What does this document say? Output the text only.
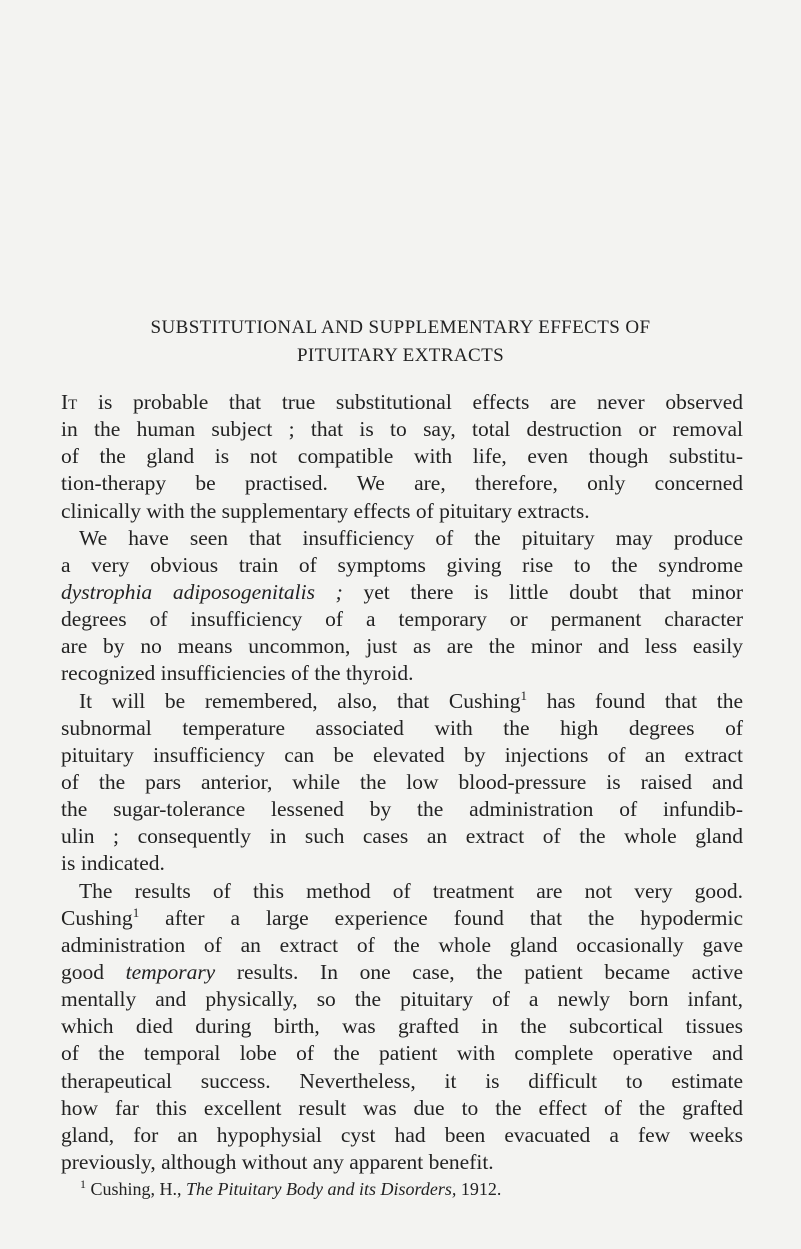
SUBSTITUTIONAL AND SUPPLEMENTARY EFFECTS OF
PITUITARY EXTRACTS
It is probable that true substitutional effects are never observed
in the human subject ; that is to say, total destruction or removal
of the gland is not compatible with life, even though substitu-
tion-therapy be practised. We are, therefore, only concerned
clinically with the supplementary effects of pituitary extracts.
We have seen that insufficiency of the pituitary may produce
a very obvious train of symptoms giving rise to the syndrome
dystrophia adiposogenitalis ; yet there is little doubt that minor
degrees of insufficiency of a temporary or permanent character
are by no means uncommon, just as are the minor and less easily
recognized insufficiencies of the thyroid.
It will be remembered, also, that Cushing$^1$ has found that the
subnormal temperature associated with the high degrees of
pituitary insufficiency can be elevated by injections of an extract
of the pars anterior, while the low blood-pressure is raised and
the sugar-tolerance lessened by the administration of infundib-
ulin ; consequently in such cases an extract of the whole gland
is indicated.
The results of this method of treatment are not very good.
Cushing$^1$ after a large experience found that the hypodermic
administration of an extract of the whole gland occasionally gave
good temporary results. In one case, the patient became active
mentally and physically, so the pituitary of a newly born infant,
which died during birth, was grafted in the subcortical tissues
of the temporal lobe of the patient with complete operative and
therapeutical success. Nevertheless, it is difficult to estimate
how far this excellent result was due to the effect of the grafted
gland, for an hypophysial cyst had been evacuated a few weeks
previously, although without any apparent benefit.
$^1$ Cushing, H., The Pituitary Body and its Disorders, 1912.
